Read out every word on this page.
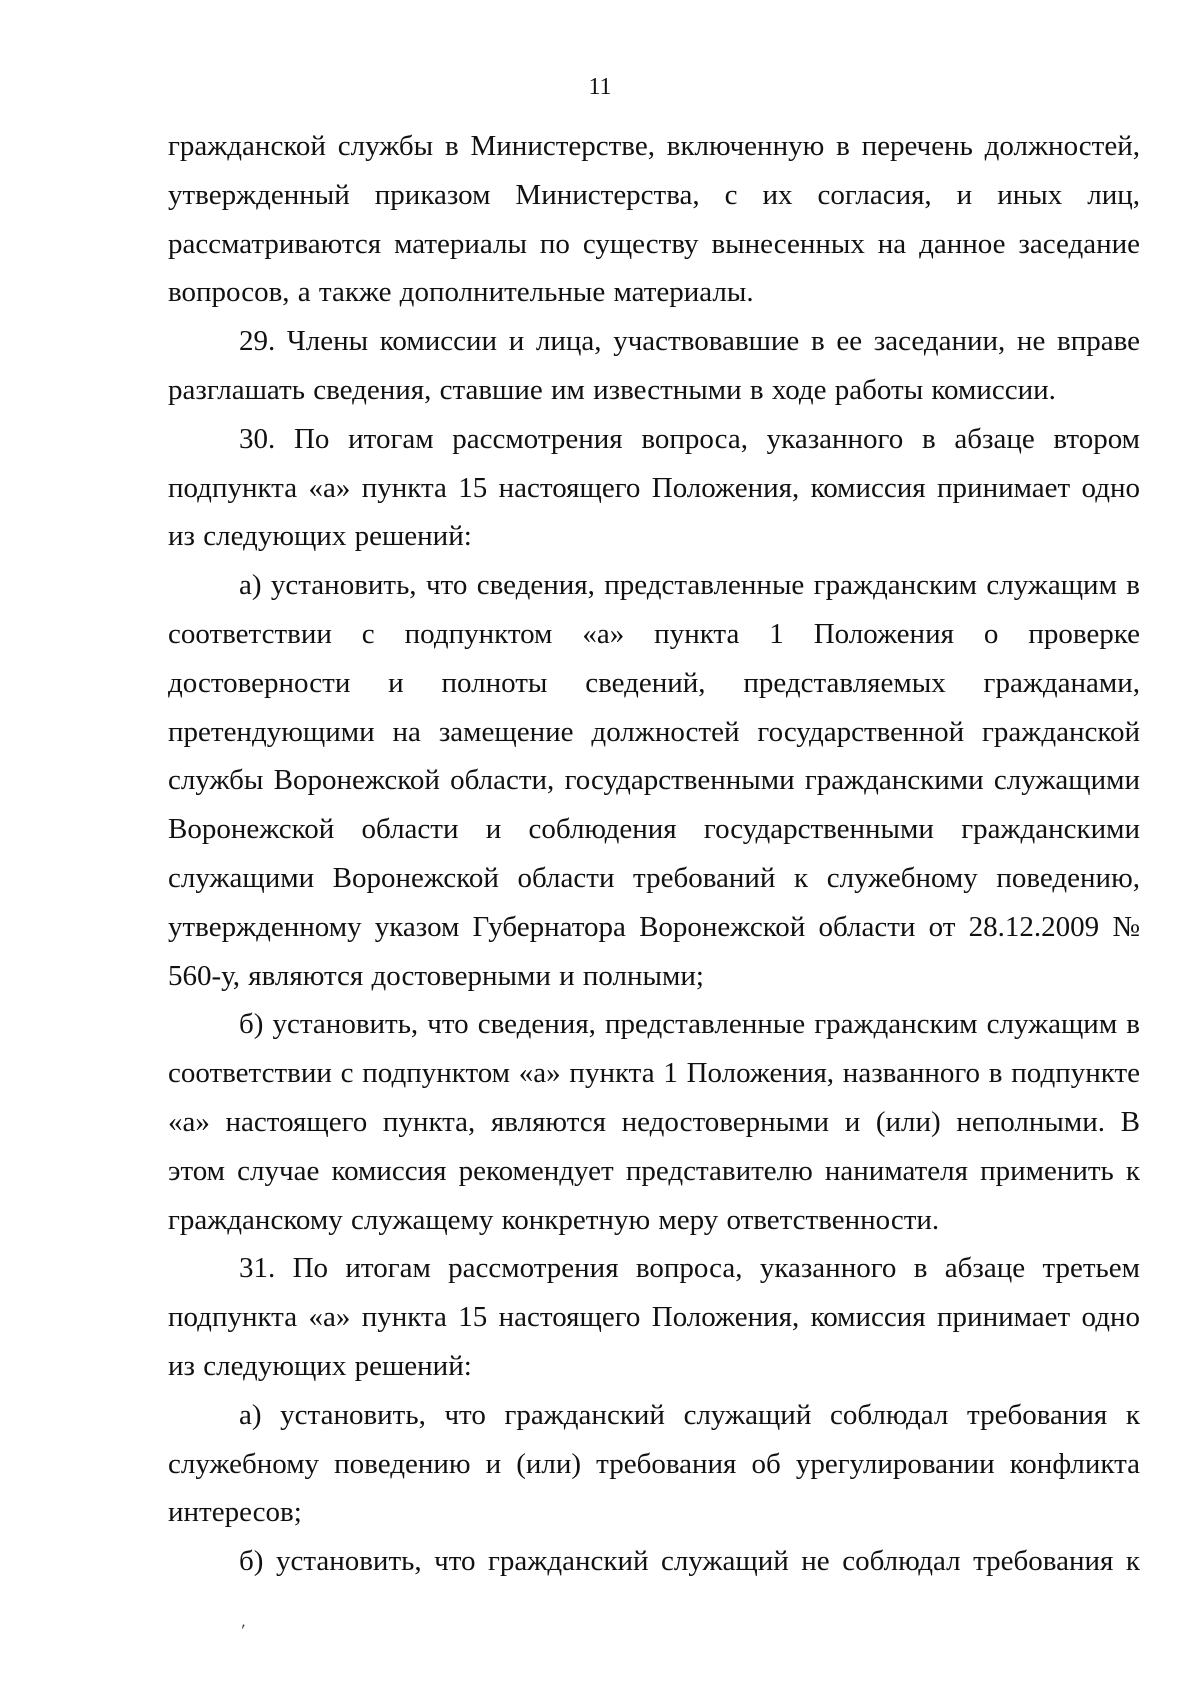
11

гражданской службы в Министерстве, включенную в перечень должностей, утвержденный приказом Министерства, с их согласия, и иных лиц, рассматриваются материалы по существу вынесенных на данное заседание вопросов, а также дополнительные материалы.

29. Члены комиссии и лица, участвовавшие в ее заседании, не вправе разглашать сведения, ставшие им известными в ходе работы комиссии.

30. По итогам рассмотрения вопроса, указанного в абзаце втором подпункта «а» пункта 15 настоящего Положения, комиссия принимает одно из следующих решений:

а) установить, что сведения, представленные гражданским служащим в соответствии с подпунктом «а» пункта 1 Положения о проверке достоверности и полноты сведений, представляемых гражданами, претендующими на замещение должностей государственной гражданской службы Воронежской области, государственными гражданскими служащими Воронежской области и соблюдения государственными гражданскими служащими Воронежской области требований к служебному поведению, утвержденному указом Губернатора Воронежской области от 28.12.2009 № 560-у, являются достоверными и полными;

б) установить, что сведения, представленные гражданским служащим в соответствии с подпунктом «а» пункта 1 Положения, названного в подпункте «а» настоящего пункта, являются недостоверными и (или) неполными. В этом случае комиссия рекомендует представителю нанимателя применить к гражданскому служащему конкретную меру ответственности.

31. По итогам рассмотрения вопроса, указанного в абзаце третьем подпункта «а» пункта 15 настоящего Положения, комиссия принимает одно из следующих решений:

а) установить, что гражданский служащий соблюдал требования к служебному поведению и (или) требования об урегулировании конфликта интересов;

б) установить, что гражданский служащий не соблюдал требования к

'
